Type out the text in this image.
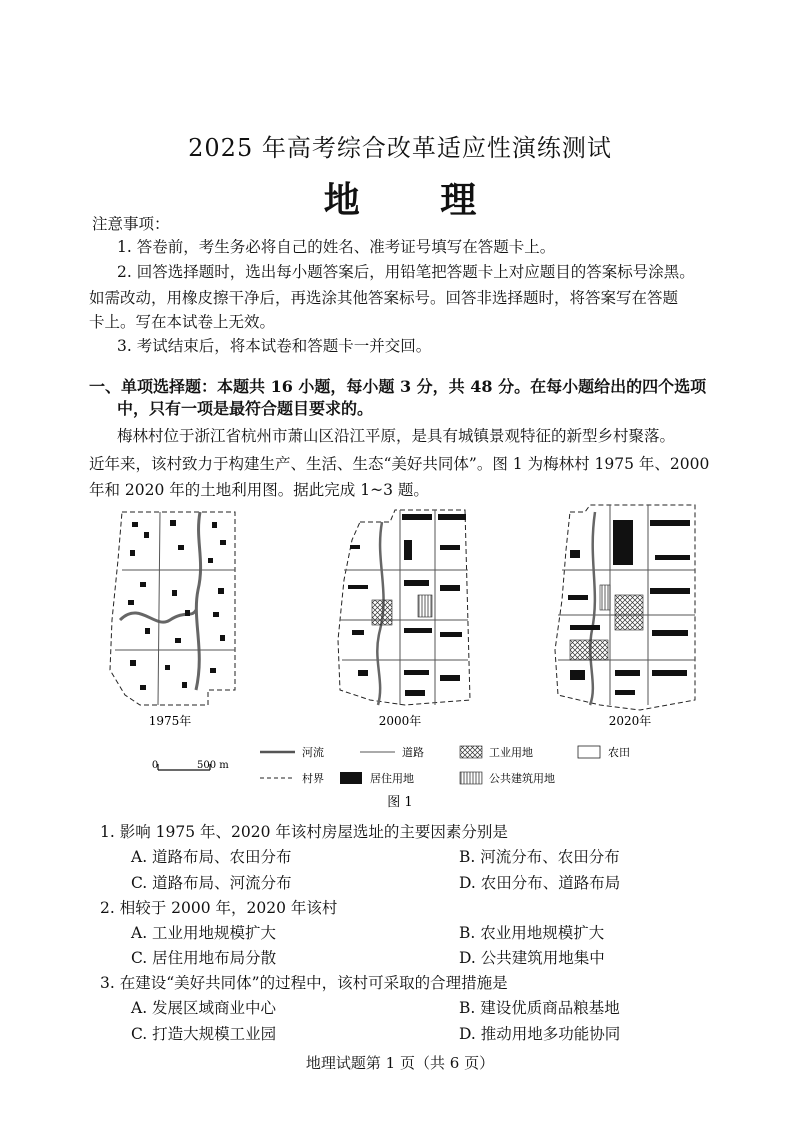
2025 年高考综合改革适应性演练测试
地 理
注意事项：
1. 答卷前，考生务必将自己的姓名、准考证号填写在答题卡上。
2. 回答选择题时，选出每小题答案后，用铅笔把答题卡上对应题目的答案标号涂黑。
如需改动，用橡皮擦干净后，再选涂其他答案标号。回答非选择题时，将答案写在答题
卡上。写在本试卷上无效。
3. 考试结束后，将本试卷和答题卡一并交回。
一、单项选择题：本题共 16 小题，每小题 3 分，共 48 分。在每小题给出的四个选项
中，只有一项是最符合题目要求的。
梅林村位于浙江省杭州市萧山区沿江平原，是具有城镇景观特征的新型乡村聚落。
近年来，该村致力于构建生产、生活、生态“美好共同体”。图 1 为梅林村 1975 年、2000
年和 2020 年的土地利用图。据此完成 1~3 题。
1975年	2000年	2020年
0	500 m
河流	道路	工业用地	农田
村界	居住用地	公共建筑用地
图 1
1. 影响 1975 年、2020 年该村房屋选址的主要因素分别是
A. 道路布局、农田分布	B. 河流分布、农田分布
C. 道路布局、河流分布	D. 农田分布、道路布局
2. 相较于 2000 年，2020 年该村
A. 工业用地规模扩大	B. 农业用地规模扩大
C. 居住用地布局分散	D. 公共建筑用地集中
3. 在建设“美好共同体”的过程中，该村可采取的合理措施是
A. 发展区域商业中心	B. 建设优质商品粮基地
C. 打造大规模工业园	D. 推动用地多功能协同
地理试题第 1 页（共 6 页）
